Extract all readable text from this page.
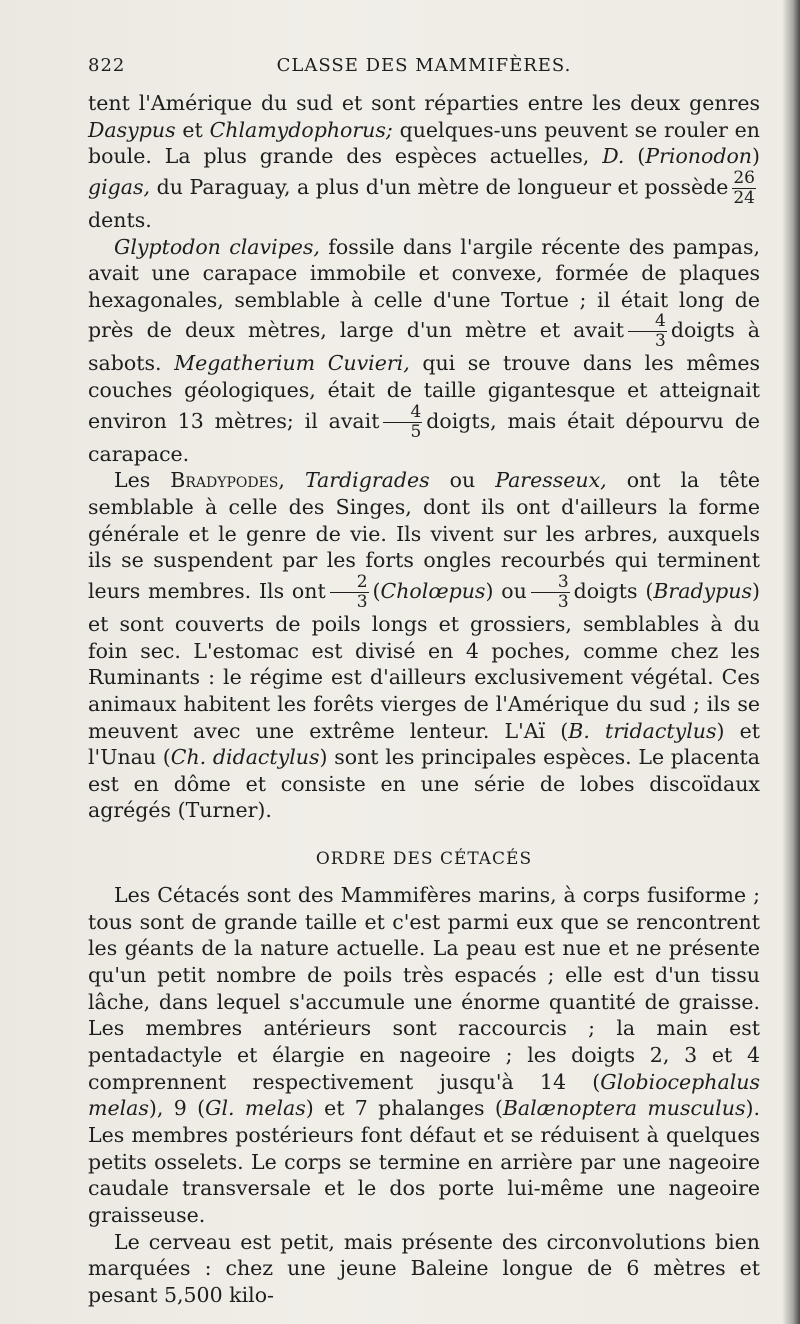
822	CLASSE DES MAMMIFÈRES.

tent l'Amérique du sud et sont réparties entre les deux genres Dasypus et Chlamydophorus; quelques-uns peuvent se rouler en boule. La plus grande des espèces actuelles, D. (Prionodon) gigas, du Paraguay, a plus d'un mètre de longueur et possède $\frac{26}{24}$
dents.

Glyptodon clavipes, fossile dans l'argile récente des pampas, avait une carapace immobile et convexe, formée de plaques hexagonales, semblable à celle d'une Tortue ; il était long de près de deux mètres, large d'un mètre et avait $\frac{4}{3}$ doigts à sabots. Megatherium Cuvieri, qui se trouve dans les mêmes couches géologiques, était de taille gigantesque et atteignait environ 13 mètres; il avait $\frac{4}{5}$ doigts, mais était dépourvu de carapace.

Les Bradypodes, Tardigrades ou Paresseux, ont la tête semblable à celle des Singes, dont ils ont d'ailleurs la forme générale et le genre de vie. Ils vivent sur les arbres, auxquels ils se suspendent par les forts ongles recourbés qui terminent leurs membres. Ils ont $\frac{2}{3}$ (Cholœpus) ou $\frac{3}{3}$ doigts (Bradypus) et sont couverts de poils longs et grossiers, semblables à du foin sec. L'estomac est divisé en 4 poches, comme chez les Ruminants : le régime est d'ailleurs exclusivement végétal. Ces animaux habitent les forêts vierges de l'Amérique du sud ; ils se meuvent avec une extrême lenteur. L'Aï (B. tridactylus) et l'Unau (Ch. didactylus) sont les principales espèces. Le placenta est en dôme et consiste en une série de lobes discoïdaux agrégés (Turner).

ORDRE DES CÉTACÉS

Les Cétacés sont des Mammifères marins, à corps fusiforme ; tous sont de grande taille et c'est parmi eux que se rencontrent les géants de la nature actuelle. La peau est nue et ne présente qu'un petit nombre de poils très espacés ; elle est d'un tissu lâche, dans lequel s'accumule une énorme quantité de graisse. Les membres antérieurs sont raccourcis ; la main est pentadactyle et élargie en nageoire ; les doigts 2, 3 et 4 comprennent respectivement jusqu'à 14 (Globiocephalus melas), 9 (Gl. melas) et 7 phalanges (Balænoptera musculus). Les membres postérieurs font défaut et se réduisent à quelques petits osselets. Le corps se termine en arrière par une nageoire caudale transversale et le dos porte lui-même une nageoire graisseuse.

Le cerveau est petit, mais présente des circonvolutions bien marquées : chez une jeune Baleine longue de 6 mètres et pesant 5,500 kilo-
